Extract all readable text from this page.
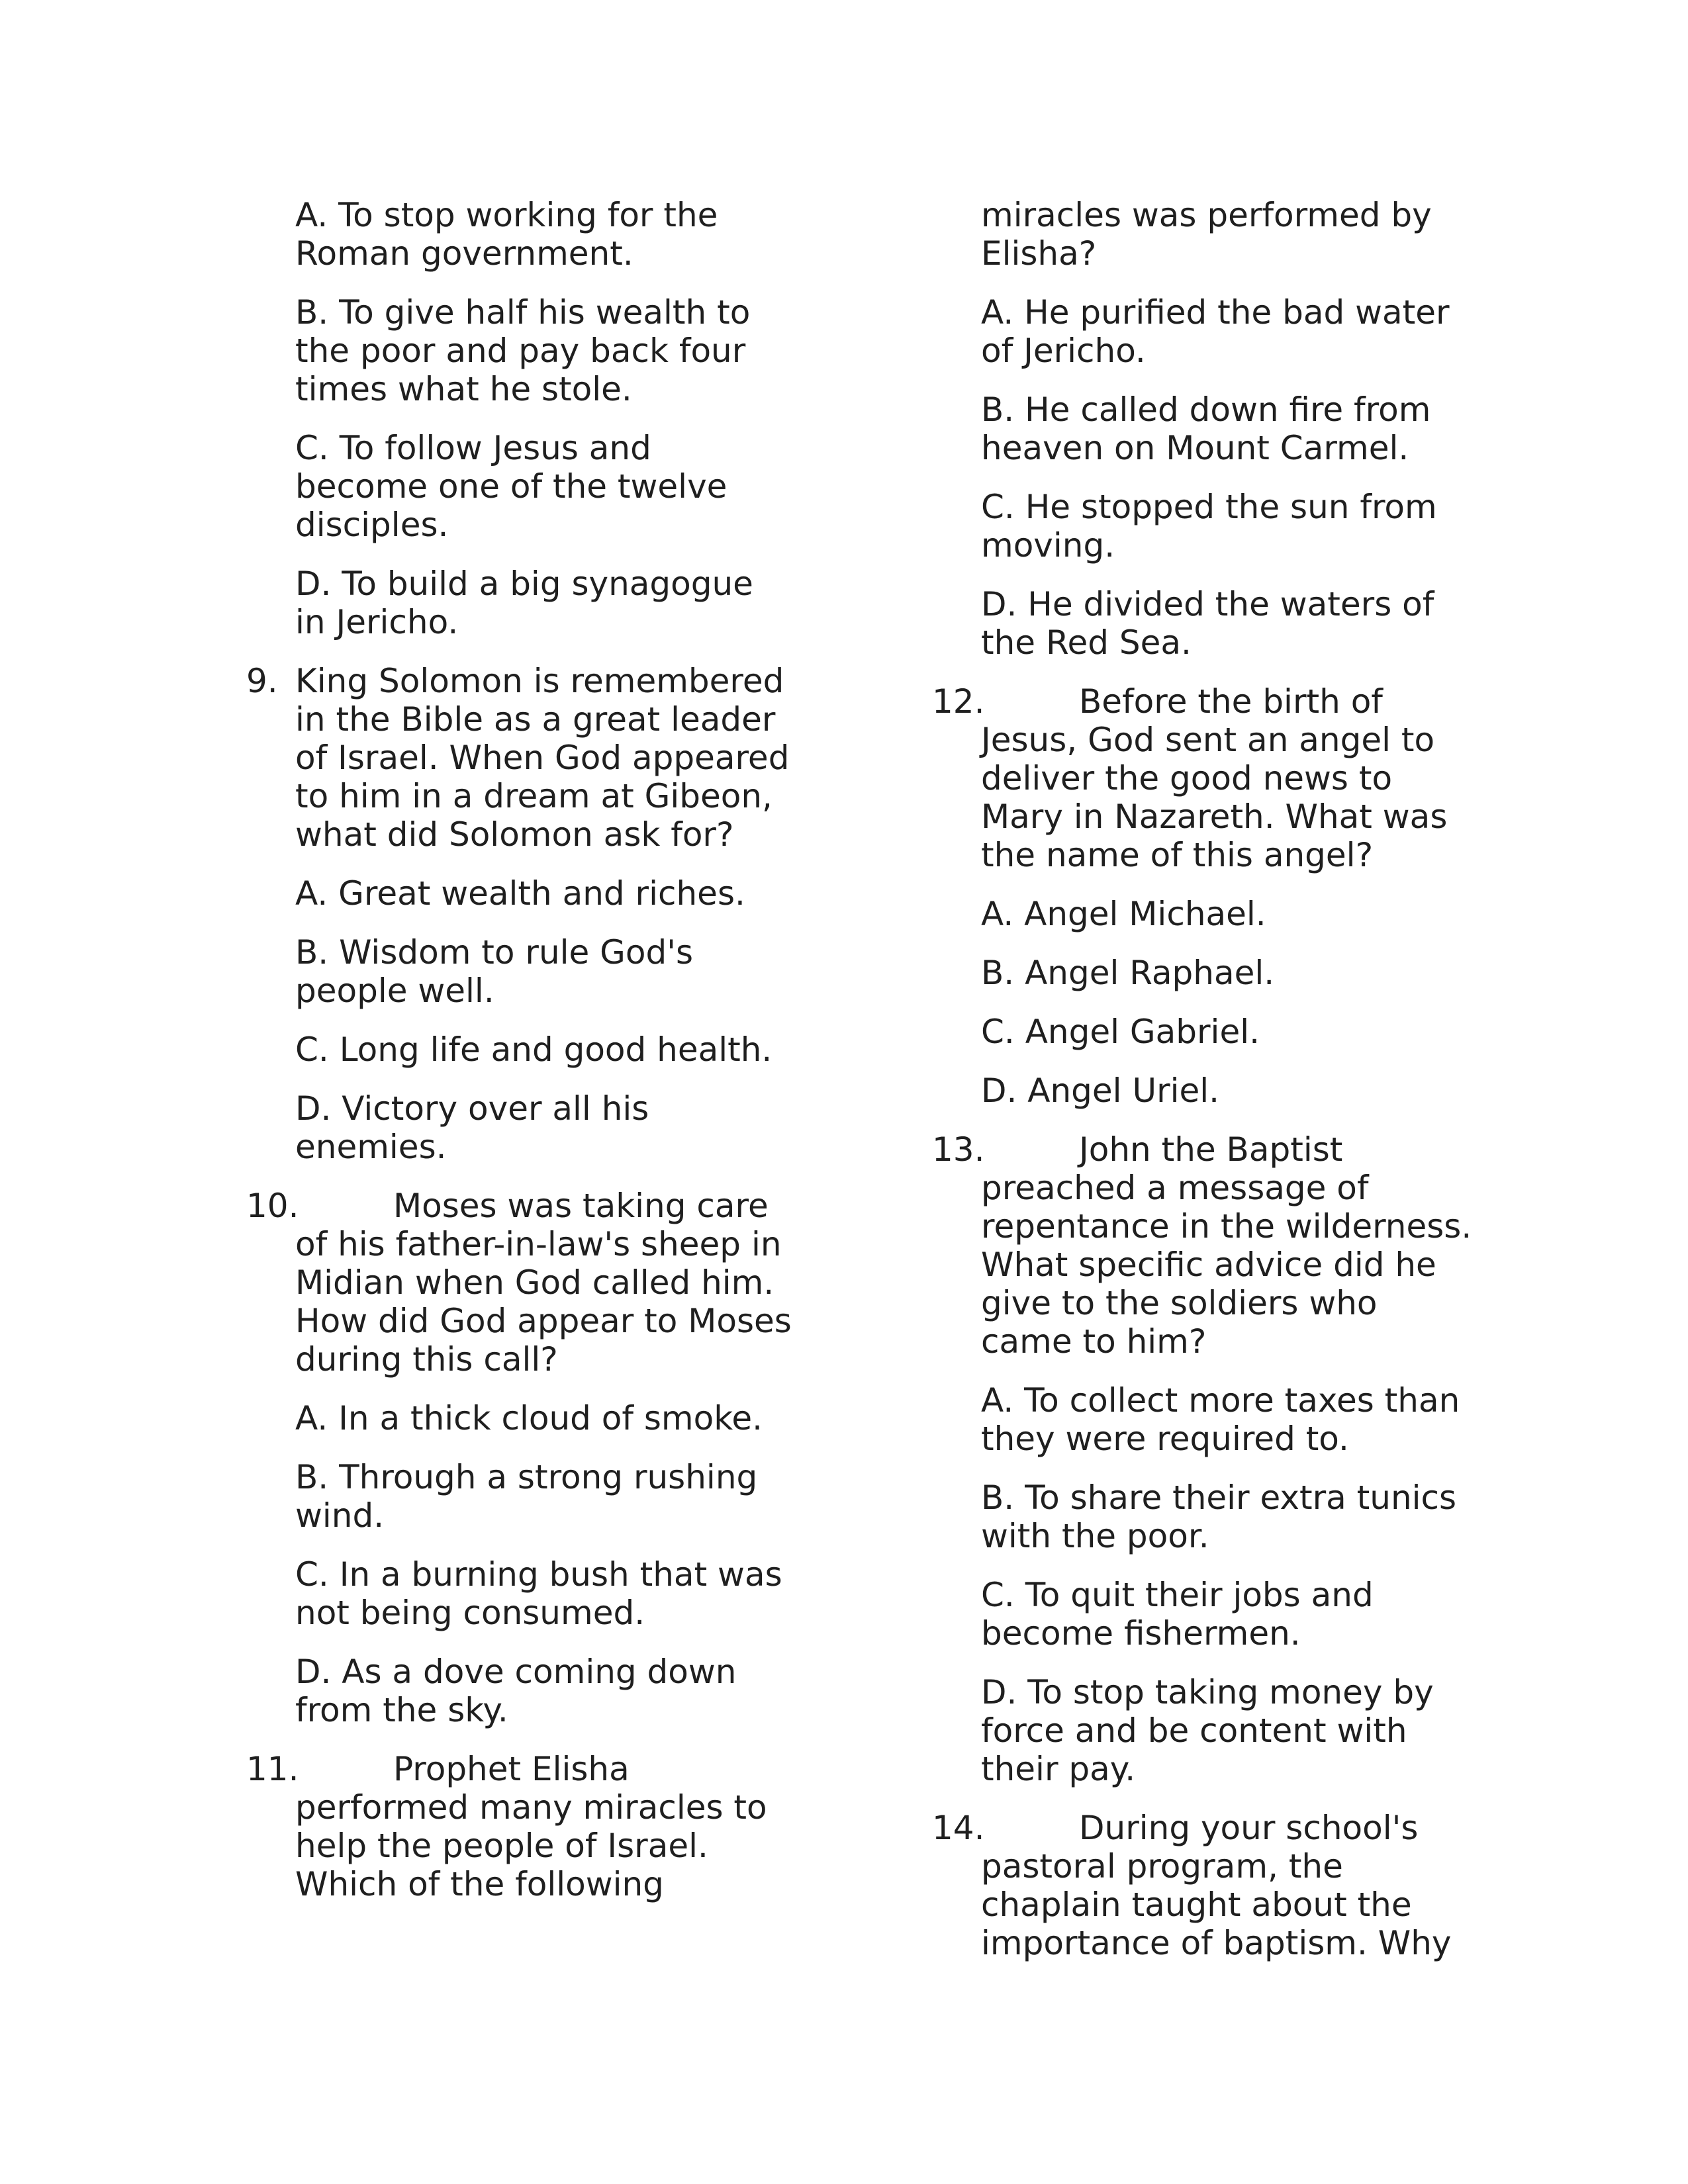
A. To stop working for the
Roman government.
B. To give half his wealth to
the poor and pay back four
times what he stole.
C. To follow Jesus and
become one of the twelve
disciples.
D. To build a big synagogue
in Jericho.
9. King Solomon is remembered
in the Bible as a great leader
of Israel. When God appeared
to him in a dream at Gibeon,
what did Solomon ask for?
A. Great wealth and riches.
B. Wisdom to rule God's
people well.
C. Long life and good health.
D. Victory over all his
enemies.
10.	Moses was taking care
of his father-in-law's sheep in
Midian when God called him.
How did God appear to Moses
during this call?
A. In a thick cloud of smoke.
B. Through a strong rushing
wind.
C. In a burning bush that was
not being consumed.
D. As a dove coming down
from the sky.
11.	Prophet Elisha
performed many miracles to
help the people of Israel.
Which of the following
miracles was performed by
Elisha?
A. He purified the bad water
of Jericho.
B. He called down fire from
heaven on Mount Carmel.
C. He stopped the sun from
moving.
D. He divided the waters of
the Red Sea.
12.	Before the birth of
Jesus, God sent an angel to
deliver the good news to
Mary in Nazareth. What was
the name of this angel?
A. Angel Michael.
B. Angel Raphael.
C. Angel Gabriel.
D. Angel Uriel.
13.	John the Baptist
preached a message of
repentance in the wilderness.
What specific advice did he
give to the soldiers who
came to him?
A. To collect more taxes than
they were required to.
B. To share their extra tunics
with the poor.
C. To quit their jobs and
become fishermen.
D. To stop taking money by
force and be content with
their pay.
14.	During your school's
pastoral program, the
chaplain taught about the
importance of baptism. Why
